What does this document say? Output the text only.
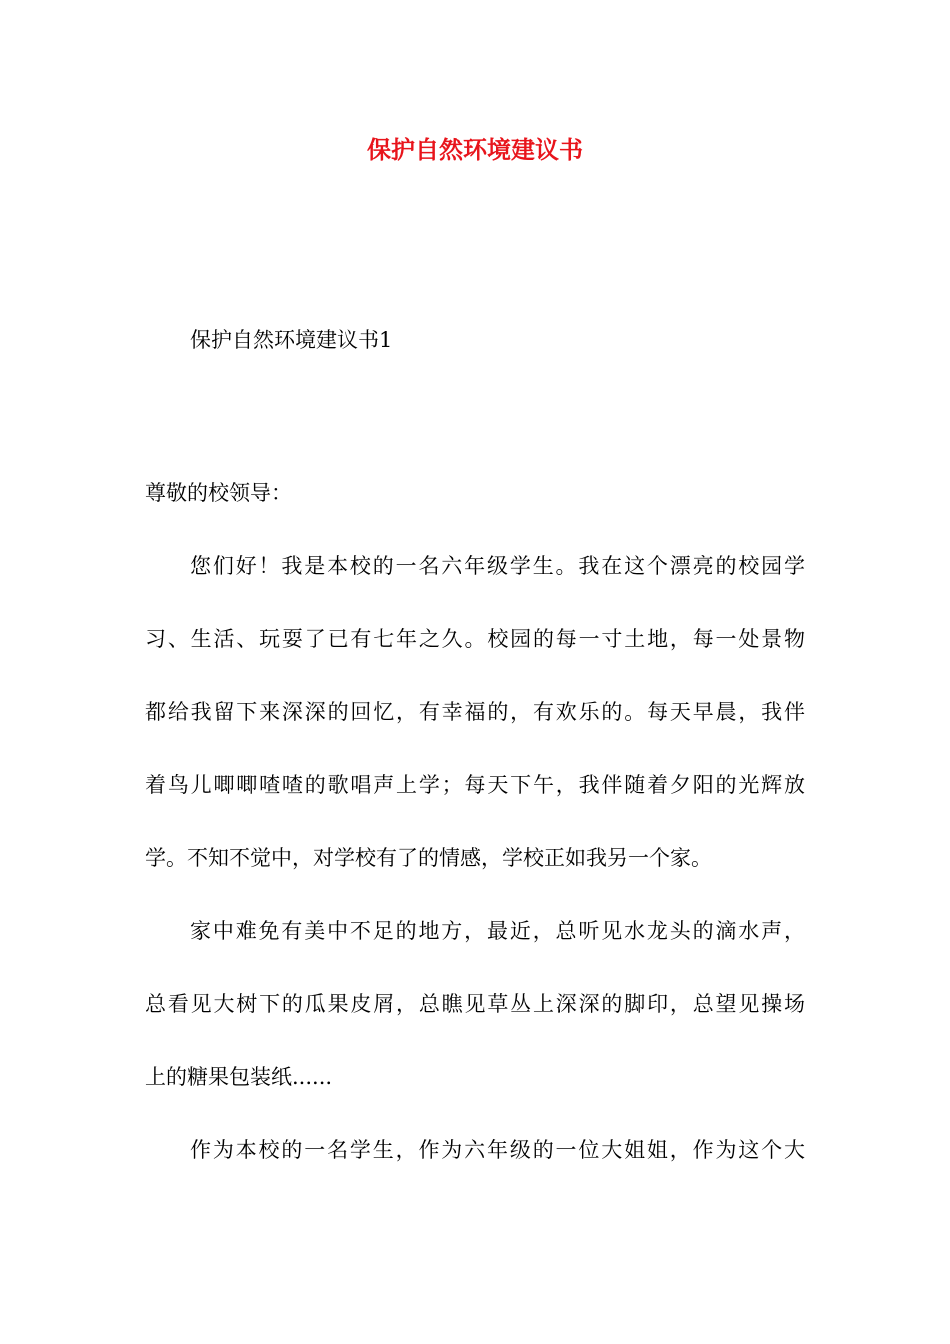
保护自然环境建议书
保护自然环境建议书1

尊敬的校领导：

您们好！我是本校的一名六年级学生。我在这个漂亮的校园学
习、生活、玩耍了已有七年之久。校园的每一寸土地，每一处景物
都给我留下来深深的回忆，有幸福的，有欢乐的。每天早晨，我伴
着鸟儿唧唧喳喳的歌唱声上学；每天下午，我伴随着夕阳的光辉放
学。不知不觉中，对学校有了的情感，学校正如我另一个家。

家中难免有美中不足的地方，最近，总听见水龙头的滴水声，
总看见大树下的瓜果皮屑，总瞧见草丛上深深的脚印，总望见操场
上的糖果包装纸......

作为本校的一名学生，作为六年级的一位大姐姐，作为这个大
